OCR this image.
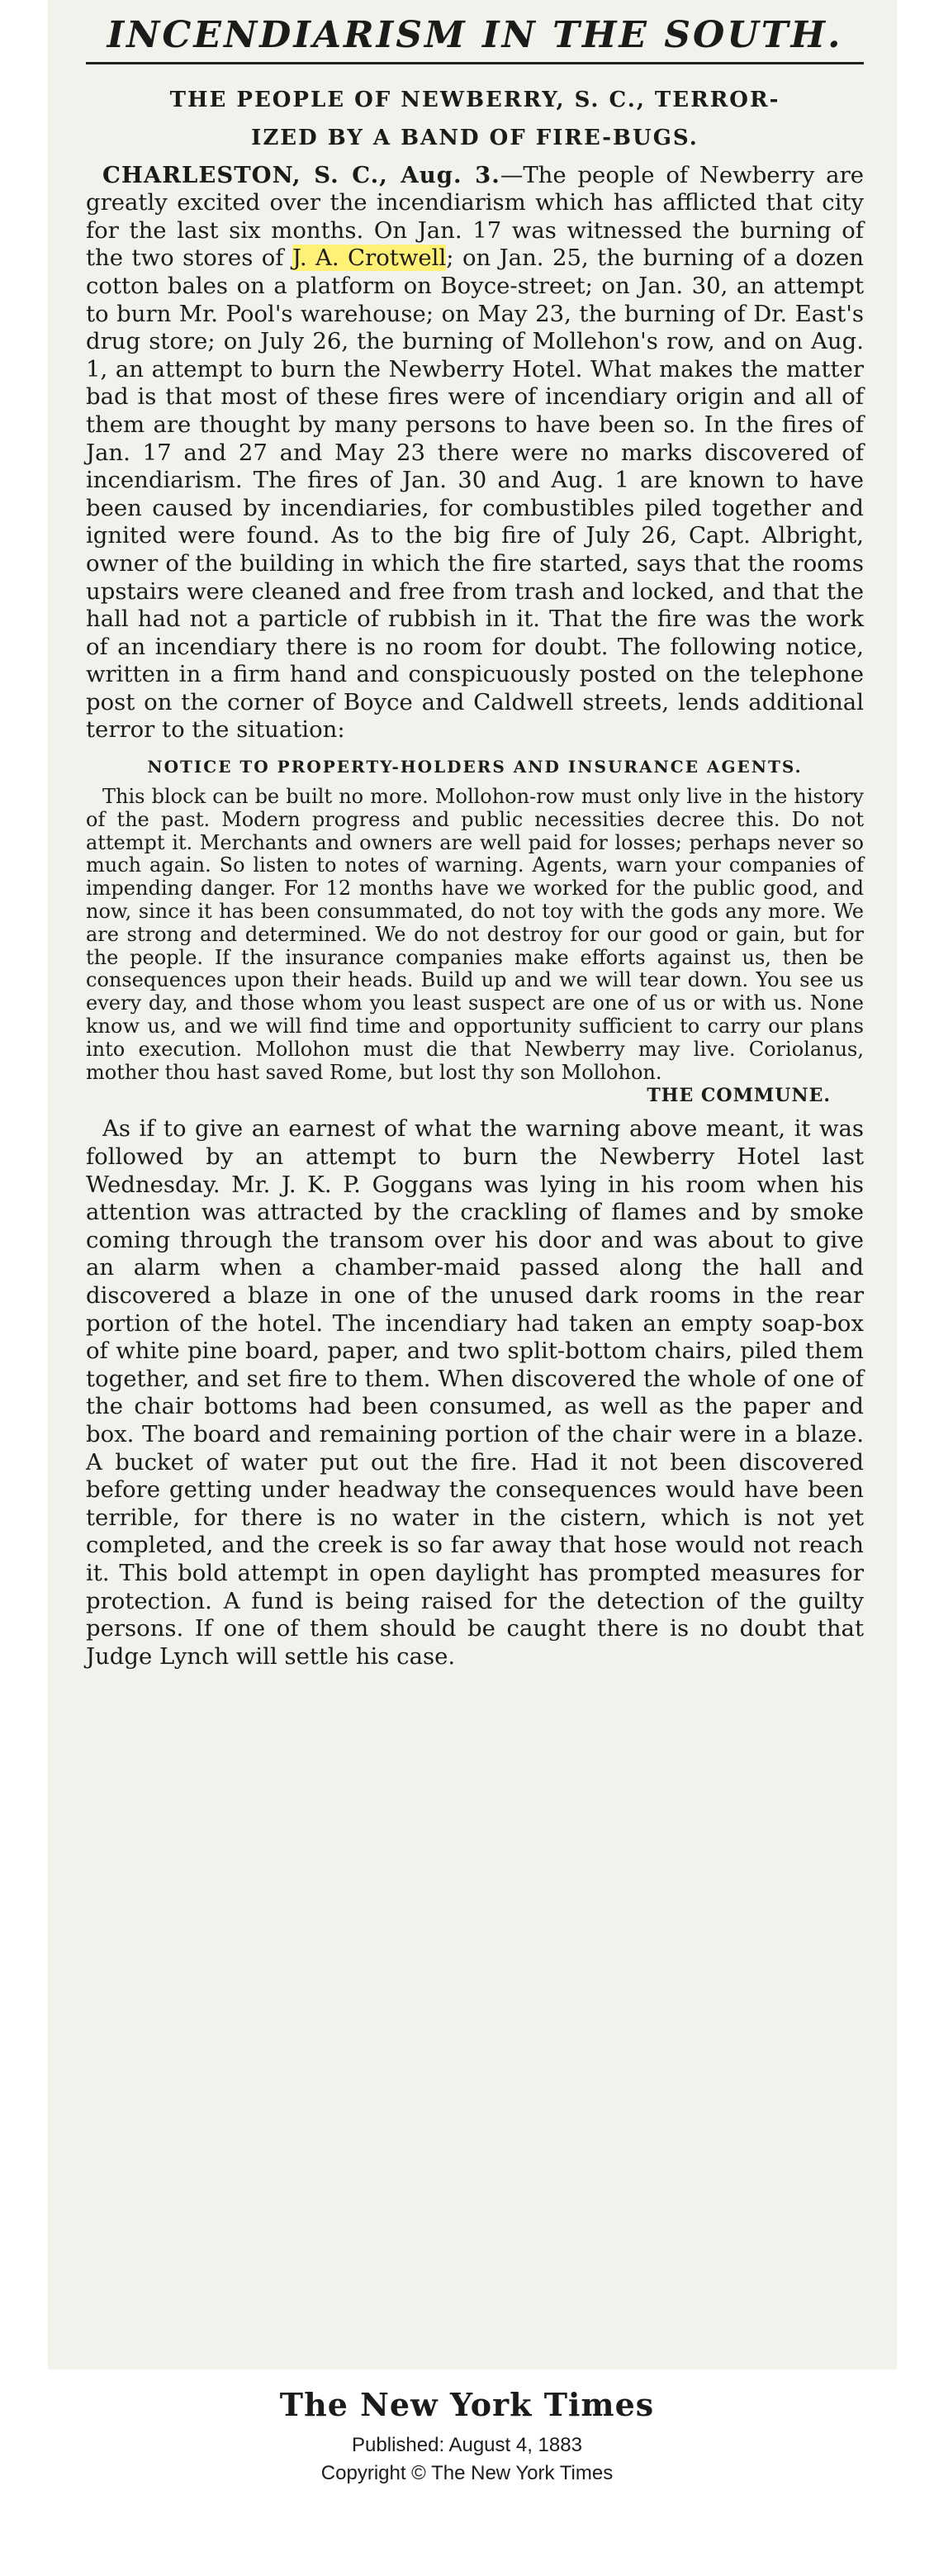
INCENDIARISM IN THE SOUTH.
THE PEOPLE OF NEWBERRY, S. C., TERROR-
IZED BY A BAND OF FIRE-BUGS.

CHARLESTON, S. C., Aug. 3.—The people of Newberry are greatly excited over the incendiarism which has afflicted that city for the last six months. On Jan. 17 was witnessed the burning of the two stores of J. A. Crotwell; on Jan. 25, the burning of a dozen cotton bales on a platform on Boyce-street; on Jan. 30, an attempt to burn Mr. Pool's warehouse; on May 23, the burning of Dr. East's drug store; on July 26, the burning of Mollehon's row, and on Aug. 1, an attempt to burn the Newberry Hotel. What makes the matter bad is that most of these fires were of incendiary origin and all of them are thought by many persons to have been so. In the fires of Jan. 17 and 27 and May 23 there were no marks discovered of incendiarism. The fires of Jan. 30 and Aug. 1 are known to have been caused by incendiaries, for combustibles piled together and ignited were found. As to the big fire of July 26, Capt. Albright, owner of the building in which the fire started, says that the rooms upstairs were cleaned and free from trash and locked, and that the hall had not a particle of rubbish in it. That the fire was the work of an incendiary there is no room for doubt. The following notice, written in a firm hand and conspicuously posted on the telephone post on the corner of Boyce and Caldwell streets, lends additional terror to the situation:

NOTICE TO PROPERTY-HOLDERS AND INSURANCE AGENTS.

This block can be built no more. Mollohon-row must only live in the history of the past. Modern progress and public necessities decree this. Do not attempt it. Merchants and owners are well paid for losses; perhaps never so much again. So listen to notes of warning. Agents, warn your companies of impending danger. For 12 months have we worked for the public good, and now, since it has been consummated, do not toy with the gods any more. We are strong and determined. We do not destroy for our good or gain, but for the people. If the insurance companies make efforts against us, then be consequences upon their heads. Build up and we will tear down. You see us every day, and those whom you least suspect are one of us or with us. None know us, and we will find time and opportunity sufficient to carry our plans into execution. Mollohon must die that Newberry may live. Coriolanus, mother thou hast saved Rome, but lost thy son Mollohon.

THE COMMUNE.

As if to give an earnest of what the warning above meant, it was followed by an attempt to burn the Newberry Hotel last Wednesday. Mr. J. K. P. Goggans was lying in his room when his attention was attracted by the crackling of flames and by smoke coming through the transom over his door and was about to give an alarm when a chamber-maid passed along the hall and discovered a blaze in one of the unused dark rooms in the rear portion of the hotel. The incendiary had taken an empty soap-box of white pine board, paper, and two split-bottom chairs, piled them together, and set fire to them. When discovered the whole of one of the chair bottoms had been consumed, as well as the paper and box. The board and remaining portion of the chair were in a blaze. A bucket of water put out the fire. Had it not been discovered before getting under headway the consequences would have been terrible, for there is no water in the cistern, which is not yet completed, and the creek is so far away that hose would not reach it. This bold attempt in open daylight has prompted measures for protection. A fund is being raised for the detection of the guilty persons. If one of them should be caught there is no doubt that Judge Lynch will settle his case.

The New York Times
Published: August 4, 1883
Copyright © The New York Times
